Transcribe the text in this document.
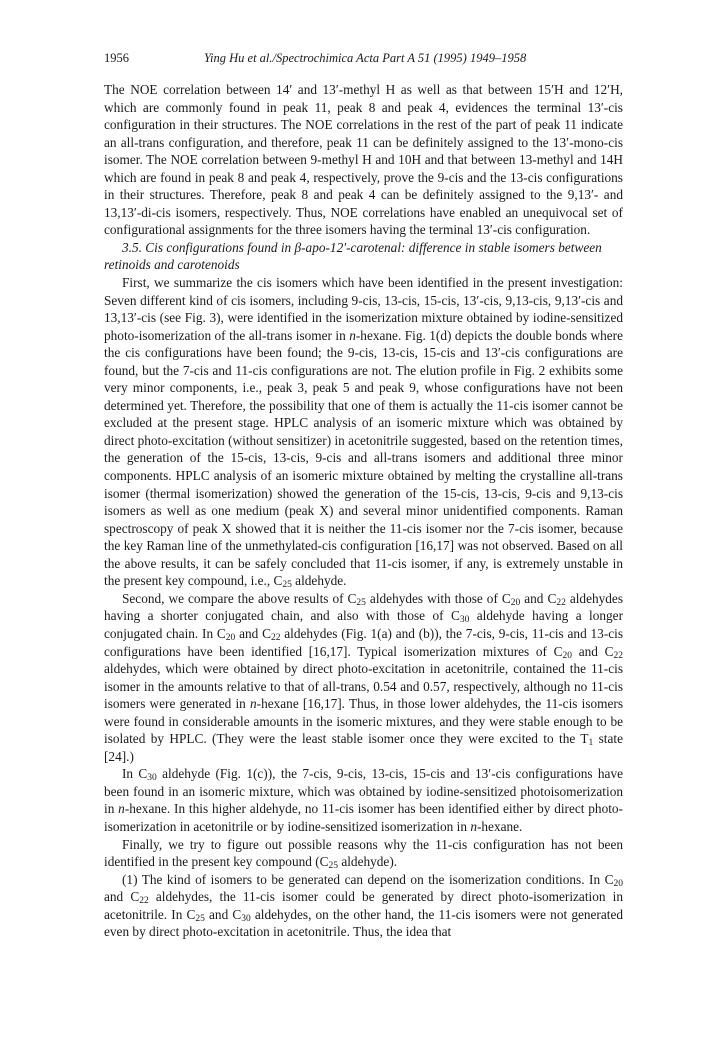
1956	Ying Hu et al./Spectrochimica Acta Part A 51 (1995) 1949–1958

The NOE correlation between 14′ and 13′-methyl H as well as that between 15′H and 12′H, which are commonly found in peak 11, peak 8 and peak 4, evidences the terminal 13′-cis configuration in their structures. The NOE correlations in the rest of the part of peak 11 indicate an all-trans configuration, and therefore, peak 11 can be definitely assigned to the 13′-mono-cis isomer. The NOE correlation between 9-methyl H and 10H and that between 13-methyl and 14H which are found in peak 8 and peak 4, respectively, prove the 9-cis and the 13-cis configurations in their structures. Therefore, peak 8 and peak 4 can be definitely assigned to the 9,13′- and 13,13′-di-cis isomers, respectively. Thus, NOE correlations have enabled an unequivocal set of configurational assignments for the three isomers having the terminal 13′-cis configuration.

3.5. Cis configurations found in β-apo-12′-carotenal: difference in stable isomers between retinoids and carotenoids

First, we summarize the cis isomers which have been identified in the present investigation: Seven different kind of cis isomers, including 9-cis, 13-cis, 15-cis, 13′-cis, 9,13-cis, 9,13′-cis and 13,13′-cis (see Fig. 3), were identified in the isomerization mixture obtained by iodine-sensitized photo-isomerization of the all-trans isomer in n-hexane. Fig. 1(d) depicts the double bonds where the cis configurations have been found; the 9-cis, 13-cis, 15-cis and 13′-cis configurations are found, but the 7-cis and 11-cis configurations are not. The elution profile in Fig. 2 exhibits some very minor components, i.e., peak 3, peak 5 and peak 9, whose configurations have not been determined yet. Therefore, the possibility that one of them is actually the 11-cis isomer cannot be excluded at the present stage. HPLC analysis of an isomeric mixture which was obtained by direct photo-excitation (without sensitizer) in acetonitrile suggested, based on the retention times, the generation of the 15-cis, 13-cis, 9-cis and all-trans isomers and additional three minor components. HPLC analysis of an isomeric mixture obtained by melting the crystalline all-trans isomer (thermal isomerization) showed the generation of the 15-cis, 13-cis, 9-cis and 9,13-cis isomers as well as one medium (peak X) and several minor unidentified components. Raman spectroscopy of peak X showed that it is neither the 11-cis isomer nor the 7-cis isomer, because the key Raman line of the unmethylated-cis configuration [16,17] was not observed. Based on all the above results, it can be safely concluded that 11-cis isomer, if any, is extremely unstable in the present key compound, i.e., $C_{25}$ aldehyde.

Second, we compare the above results of $C_{25}$ aldehydes with those of $C_{20}$ and $C_{22}$ aldehydes having a shorter conjugated chain, and also with those of $C_{30}$ aldehyde having a longer conjugated chain. In $C_{20}$ and $C_{22}$ aldehydes (Fig. 1(a) and (b)), the 7-cis, 9-cis, 11-cis and 13-cis configurations have been identified [16,17]. Typical isomerization mixtures of $C_{20}$ and $C_{22}$ aldehydes, which were obtained by direct photo-excitation in acetonitrile, contained the 11-cis isomer in the amounts relative to that of all-trans, 0.54 and 0.57, respectively, although no 11-cis isomers were generated in n-hexane [16,17]. Thus, in those lower aldehydes, the 11-cis isomers were found in considerable amounts in the isomeric mixtures, and they were stable enough to be isolated by HPLC. (They were the least stable isomer once they were excited to the $T_1$ state [24].)

In $C_{30}$ aldehyde (Fig. 1(c)), the 7-cis, 9-cis, 13-cis, 15-cis and 13′-cis configurations have been found in an isomeric mixture, which was obtained by iodine-sensitized photoisomerization in n-hexane. In this higher aldehyde, no 11-cis isomer has been identified either by direct photo-isomerization in acetonitrile or by iodine-sensitized isomerization in n-hexane.

Finally, we try to figure out possible reasons why the 11-cis configuration has not been identified in the present key compound ($C_{25}$ aldehyde).

(1) The kind of isomers to be generated can depend on the isomerization conditions. In $C_{20}$ and $C_{22}$ aldehydes, the 11-cis isomer could be generated by direct photo-isomerization in acetonitrile. In $C_{25}$ and $C_{30}$ aldehydes, on the other hand, the 11-cis isomers were not generated even by direct photo-excitation in acetonitrile. Thus, the idea that
